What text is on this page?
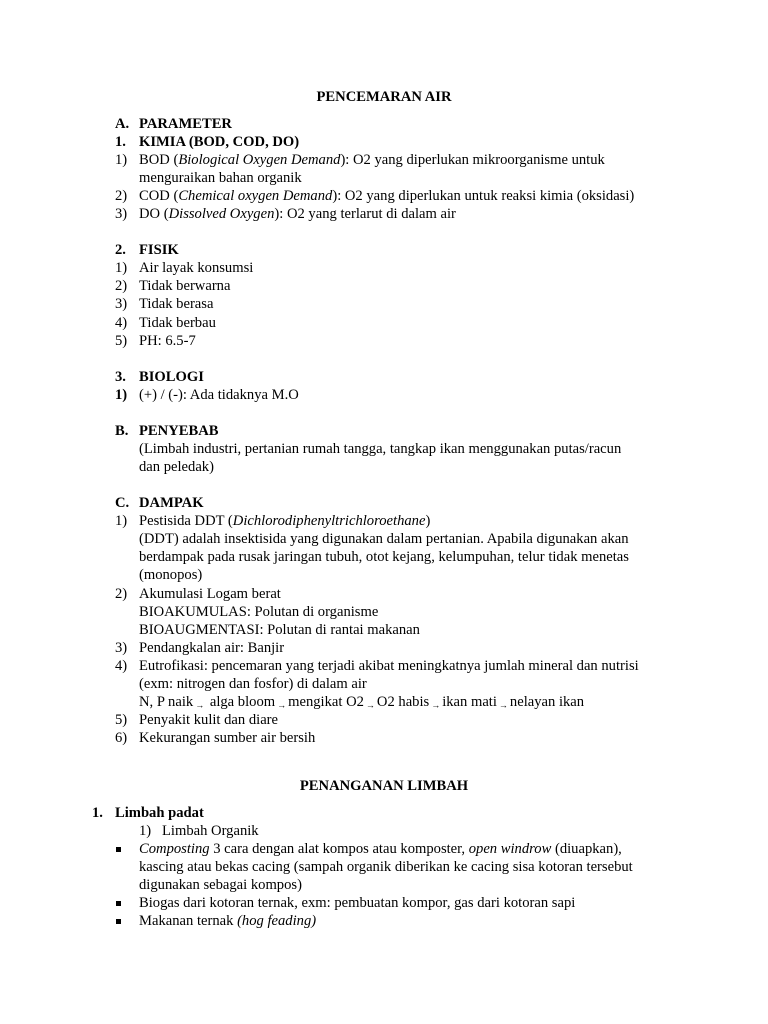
PENCEMARAN AIR
A. PARAMETER
1. KIMIA (BOD, COD, DO)
1) BOD (Biological Oxygen Demand): O2 yang diperlukan mikroorganisme untuk
menguraikan bahan organik
2) COD (Chemical oxygen Demand): O2 yang diperlukan untuk reaksi kimia (oksidasi)
3) DO (Dissolved Oxygen): O2 yang terlarut di dalam air
2. FISIK
1) Air layak konsumsi
2) Tidak berwarna
3) Tidak berasa
4) Tidak berbau
5) PH: 6.5-7
3. BIOLOGI
1) (+) / (-): Ada tidaknya M.O
B. PENYEBAB
(Limbah industri, pertanian rumah tangga, tangkap ikan menggunakan putas/racun
dan peledak)
C. DAMPAK
1) Pestisida DDT (Dichlorodiphenyltrichloroethane)
(DDT) adalah insektisida yang digunakan dalam pertanian. Apabila digunakan akan
berdampak pada rusak jaringan tubuh, otot kejang, kelumpuhan, telur tidak menetas
(monopos)
2) Akumulasi Logam berat
BIOAKUMULAS: Polutan di organisme
BIOAUGMENTASI: Polutan di rantai makanan
3) Pendangkalan air: Banjir
4) Eutrofikasi: pencemaran yang terjadi akibat meningkatnya jumlah mineral dan nutrisi
(exm: nitrogen dan fosfor) di dalam air
N, P naik → alga bloom → mengikat O2 → O2 habis → ikan mati → nelayan ikan
5) Penyakit kulit dan diare
6) Kekurangan sumber air bersih
PENANGANAN LIMBAH
1. Limbah padat
1) Limbah Organik
Composting 3 cara dengan alat kompos atau komposter, open windrow (diuapkan),
kascing atau bekas cacing (sampah organik diberikan ke cacing sisa kotoran tersebut
digunakan sebagai kompos)
Biogas dari kotoran ternak, exm: pembuatan kompor, gas dari kotoran sapi
Makanan ternak (hog feading)
